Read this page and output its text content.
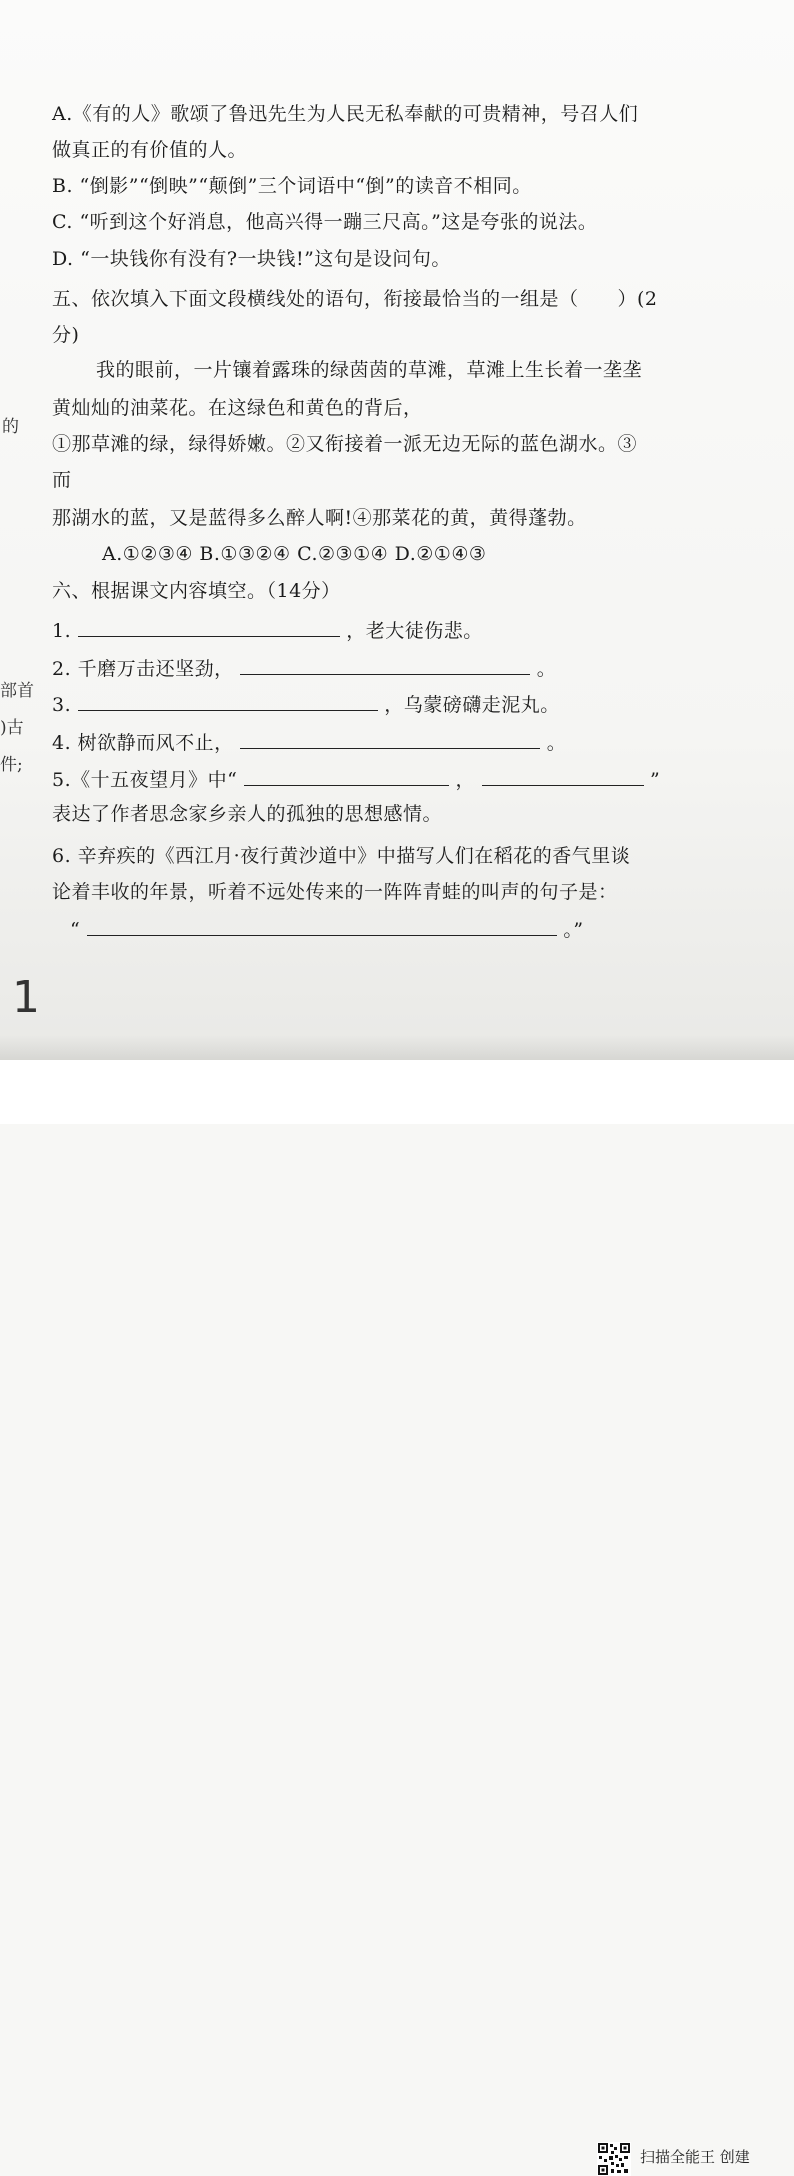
A.《有的人》歌颂了鲁迅先生为人民无私奉献的可贵精神，号召人们
做真正的有价值的人。
B. “倒影”“倒映”“颠倒”三个词语中“倒”的读音不相同。
C. “听到这个好消息，他高兴得一蹦三尺高。”这是夸张的说法。
D. “一块钱你有没有?一块钱!”这句是设问句。
五、依次填入下面文段横线处的语句，衔接最恰当的一组是（　　）(2
分)
我的眼前，一片镶着露珠的绿茵茵的草滩，草滩上生长着一垄垄
黄灿灿的油菜花。在这绿色和黄色的背后，
①那草滩的绿，绿得娇嫩。②又衔接着一派无边无际的蓝色湖水。③
而
那湖水的蓝，又是蓝得多么醉人啊!④那菜花的黄，黄得蓬勃。
A.①②③④ B.①③②④ C.②③①④ D.②①④③
六、根据课文内容填空。（14分）
1.	，老大徒伤悲。
2. 千磨万击还坚劲，	。
3.	，乌蒙磅礴走泥丸。
4. 树欲静而风不止，	。
5.《十五夜望月》中“	，	”
表达了作者思念家乡亲人的孤独的思想感情。
6. 辛弃疾的《西江月·夜行黄沙道中》中描写人们在稻花的香气里谈
论着丰收的年景，听着不远处传来的一阵阵青蛙的叫声的句子是：
“	。”
的
部首
)古
件;
1
扫描全能王 创建
